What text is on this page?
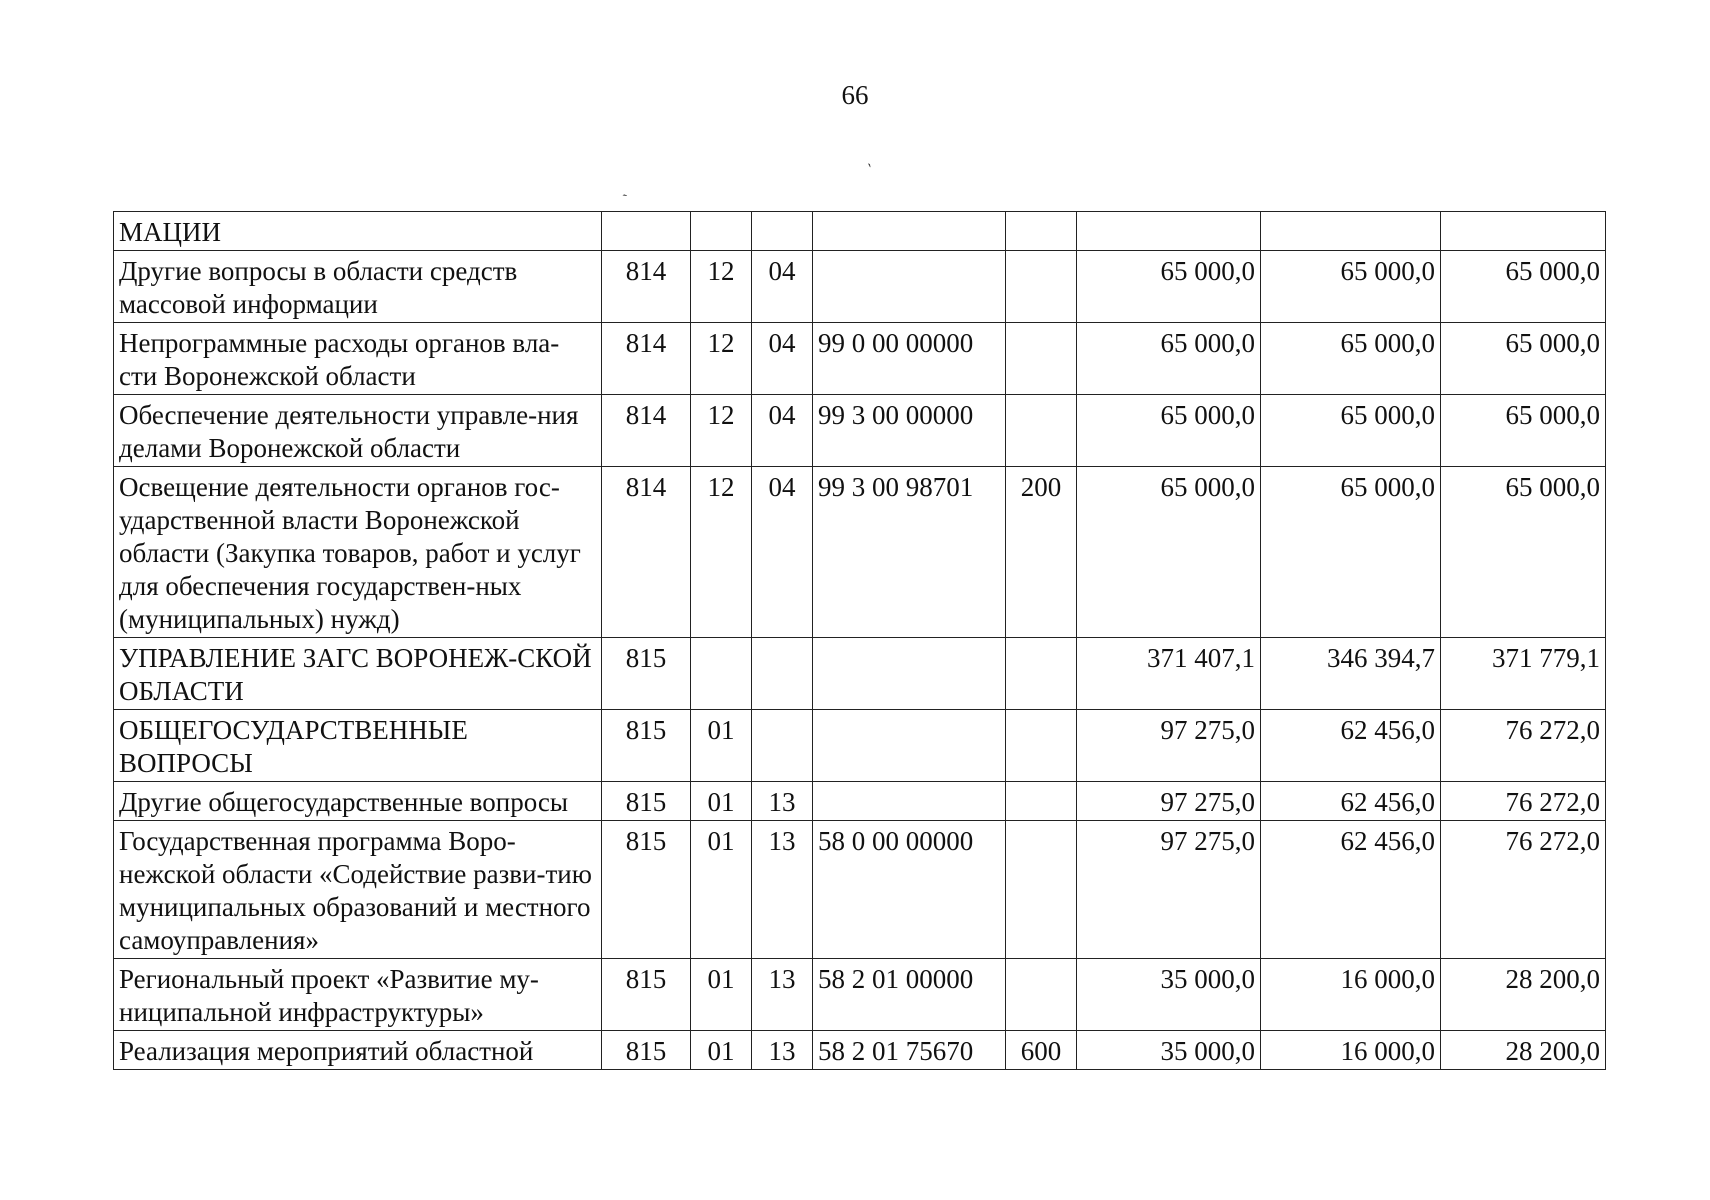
66
ˏ
ˋ
МАЦИИ								
Другие вопросы в области средств массовой информации	814	12	04			65 000,0	65 000,0	65 000,0
Непрограммные расходы органов вла-сти Воронежской области	814	12	04	99 0 00 00000		65 000,0	65 000,0	65 000,0
Обеспечение деятельности управле-ния делами Воронежской области	814	12	04	99 3 00 00000		65 000,0	65 000,0	65 000,0
Освещение деятельности органов гос-ударственной власти Воронежской области (Закупка товаров, работ и услуг для обеспечения государствен-ных (муниципальных) нужд)	814	12	04	99 3 00 98701	200	65 000,0	65 000,0	65 000,0
УПРАВЛЕНИЕ ЗАГС ВОРОНЕЖ-СКОЙ ОБЛАСТИ	815					371 407,1	346 394,7	371 779,1
ОБЩЕГОСУДАРСТВЕННЫЕ ВОПРОСЫ	815	01				97 275,0	62 456,0	76 272,0
Другие общегосударственные вопросы	815	01	13			97 275,0	62 456,0	76 272,0
Государственная программа Воро-нежской области «Содействие разви-тию муниципальных образований и местного самоуправления»	815	01	13	58 0 00 00000		97 275,0	62 456,0	76 272,0
Региональный проект «Развитие му-ниципальной инфраструктуры»	815	01	13	58 2 01 00000		35 000,0	16 000,0	28 200,0
Реализация мероприятий областной	815	01	13	58 2 01 75670	600	35 000,0	16 000,0	28 200,0
